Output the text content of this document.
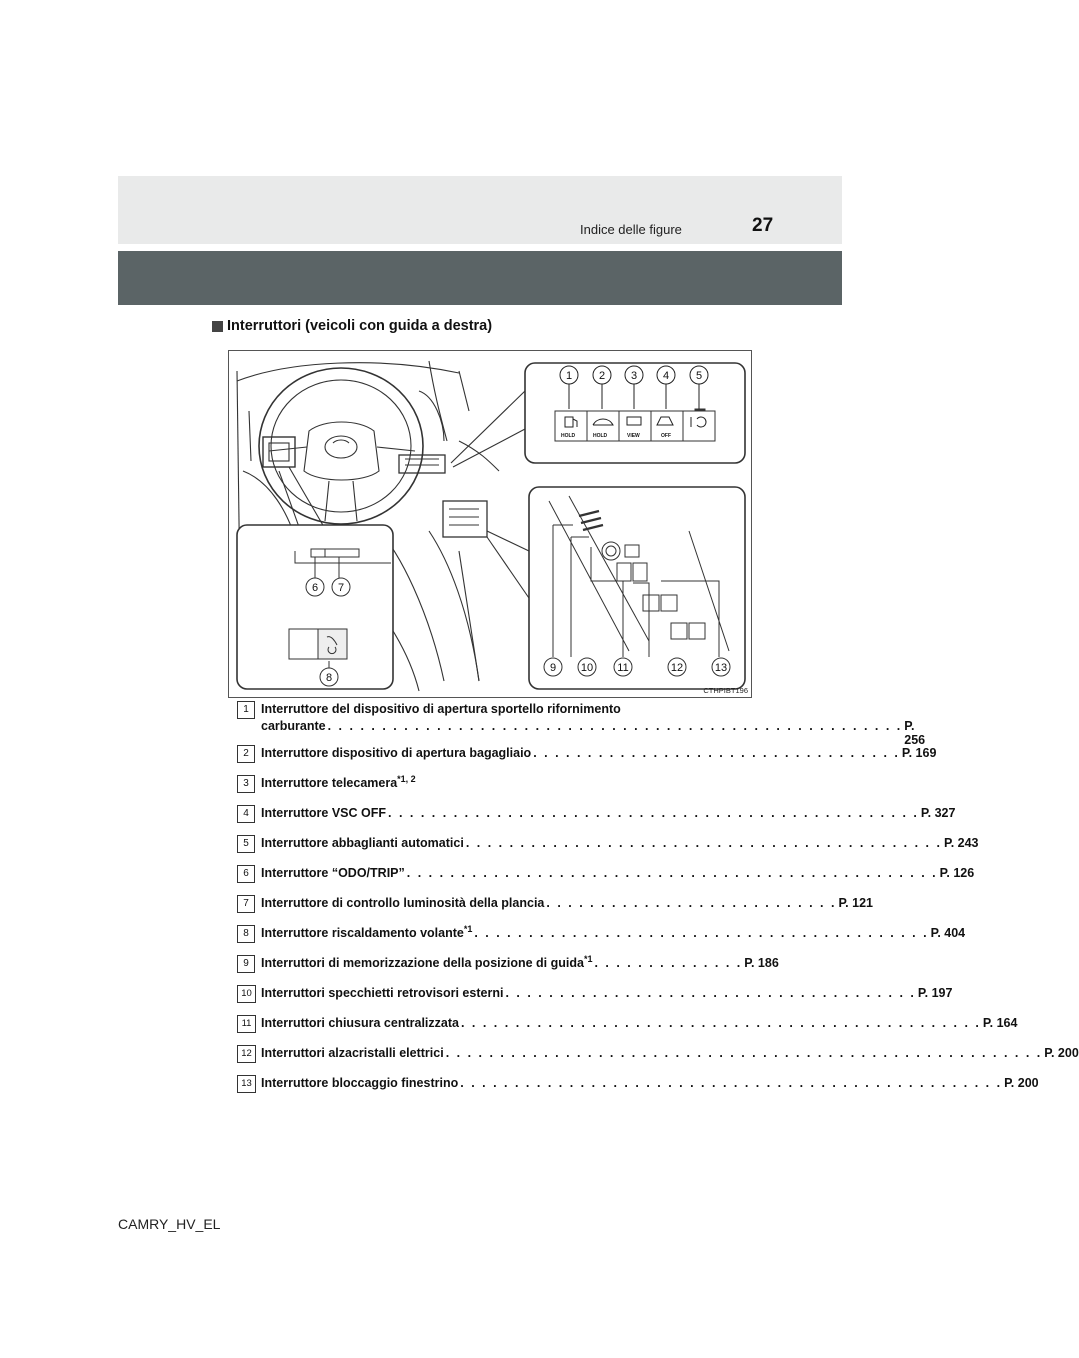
Indice delle figure	27
Interruttori (veicoli con guida a destra)
HOLD	HOLD	VIEW	OFF
1 2 3 4 5
6 7
8
9 10 11	12	13
CTHPIBT196
1 Interruttore del dispositivo di apertura sportello rifornimento
carburante . . . . . . . . . . . . . . . . . . . . . . . . . . . . . . . . . . . . . . . . . . . . . . . . . . . . . P. 256
2 Interruttore dispositivo di apertura bagagliaio . . . . . . . . . . . . . . . . . . . . . . . . . . . . . . . . . . P. 169
3 Interruttore telecamera$^{*1, 2}$
4 Interruttore VSC OFF . . . . . . . . . . . . . . . . . . . . . . . . . . . . . . . . . . . . . . . . . . . . . . . . . P. 327
5 Interruttore abbaglianti automatici . . . . . . . . . . . . . . . . . . . . . . . . . . . . . . . . . . . . . . . . . . . . P. 243
6 Interruttore “ODO/TRIP” . . . . . . . . . . . . . . . . . . . . . . . . . . . . . . . . . . . . . . . . . . . . . . . . . P. 126
7 Interruttore di controllo luminosità della plancia . . . . . . . . . . . . . . . . . . . . . . . . . . . P. 121
8 Interruttore riscaldamento volante$^{*1}$ . . . . . . . . . . . . . . . . . . . . . . . . . . . . . . . . . . . . . . . . . . P. 404
9 Interruttori di memorizzazione della posizione di guida$^{*1}$ . . . . . . . . . . . . . . P. 186
10 Interruttori specchietti retrovisori esterni . . . . . . . . . . . . . . . . . . . . . . . . . . . . . . . . . . . . . . P. 197
11 Interruttori chiusura centralizzata . . . . . . . . . . . . . . . . . . . . . . . . . . . . . . . . . . . . . . . . . . . . . . . . P. 164
12 Interruttori alzacristalli elettrici . . . . . . . . . . . . . . . . . . . . . . . . . . . . . . . . . . . . . . . . . . . . . . . . . . . . . . . P. 200
13 Interruttore bloccaggio finestrino . . . . . . . . . . . . . . . . . . . . . . . . . . . . . . . . . . . . . . . . . . . . . . . . . . P. 200
CAMRY_HV_EL
